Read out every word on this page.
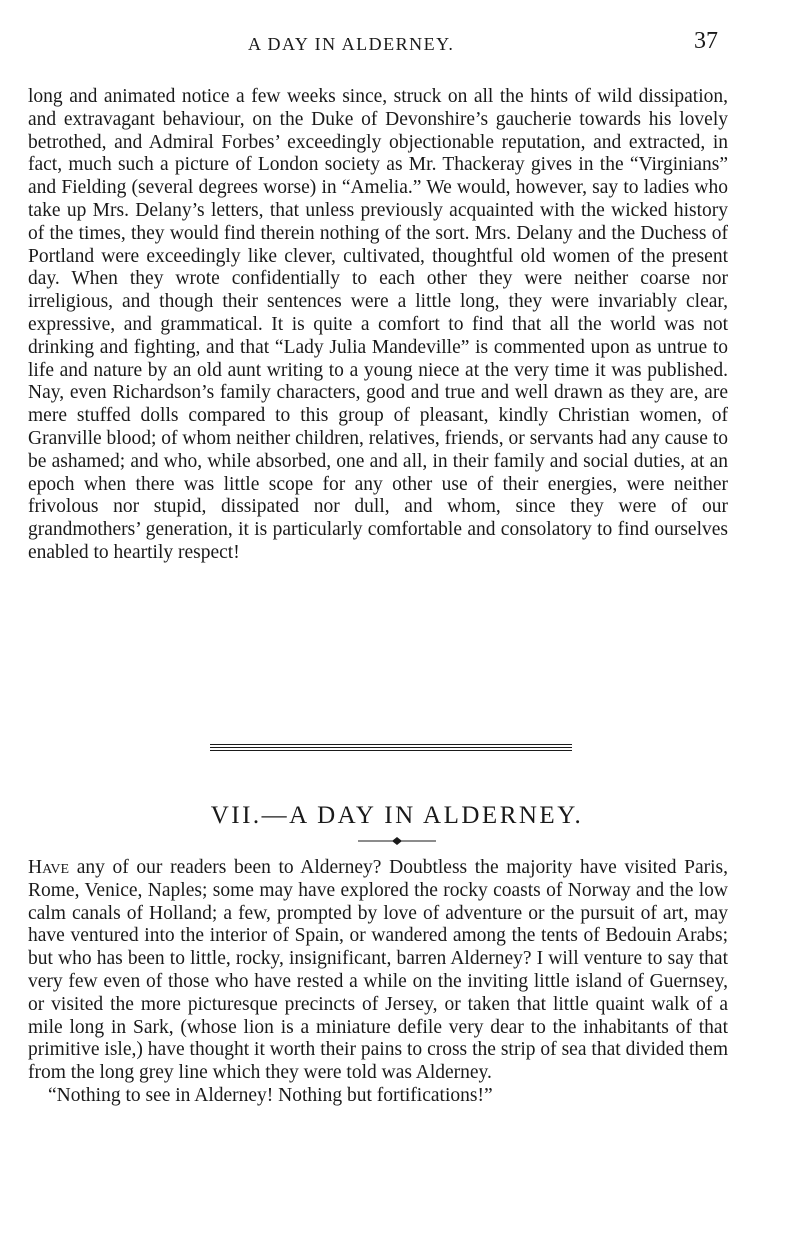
A DAY IN ALDERNEY.	37

long and animated notice a few weeks since, struck on all the hints of wild dissipation, and extravagant behaviour, on the Duke of Devonshire’s gaucherie towards his lovely betrothed, and Admiral Forbes’ exceedingly objectionable reputation, and extracted, in fact, much such a picture of London society as Mr. Thackeray gives in the “Virginians” and Fielding (several degrees worse) in “Amelia.” We would, however, say to ladies who take up Mrs. Delany’s letters, that unless previously acquainted with the wicked history of the times, they would find therein nothing of the sort. Mrs. Delany and the Duchess of Portland were exceedingly like clever, cultivated, thoughtful old women of the present day. When they wrote confidentially to each other they were neither coarse nor irreligious, and though their sentences were a little long, they were invariably clear, expressive, and grammatical. It is quite a comfort to find that all the world was not drinking and fighting, and that “Lady Julia Mandeville” is commented upon as untrue to life and nature by an old aunt writing to a young niece at the very time it was published. Nay, even Richardson’s family characters, good and true and well drawn as they are, are mere stuffed dolls compared to this group of pleasant, kindly Christian women, of Granville blood; of whom neither children, relatives, friends, or servants had any cause to be ashamed; and who, while absorbed, one and all, in their family and social duties, at an epoch when there was little scope for any other use of their energies, were neither frivolous nor stupid, dissipated nor dull, and whom, since they were of our grandmothers’ generation, it is particularly comfortable and consolatory to find ourselves enabled to heartily respect!

VII.—A DAY IN ALDERNEY.

Have any of our readers been to Alderney? Doubtless the majority have visited Paris, Rome, Venice, Naples; some may have explored the rocky coasts of Norway and the low calm canals of Holland; a few, prompted by love of adventure or the pursuit of art, may have ventured into the interior of Spain, or wandered among the tents of Bedouin Arabs; but who has been to little, rocky, insignificant, barren Alderney? I will venture to say that very few even of those who have rested a while on the inviting little island of Guernsey, or visited the more picturesque precincts of Jersey, or taken that little quaint walk of a mile long in Sark, (whose lion is a miniature defile very dear to the inhabitants of that primitive isle,) have thought it worth their pains to cross the strip of sea that divided them from the long grey line which they were told was Alderney.

“Nothing to see in Alderney! Nothing but fortifications!”
